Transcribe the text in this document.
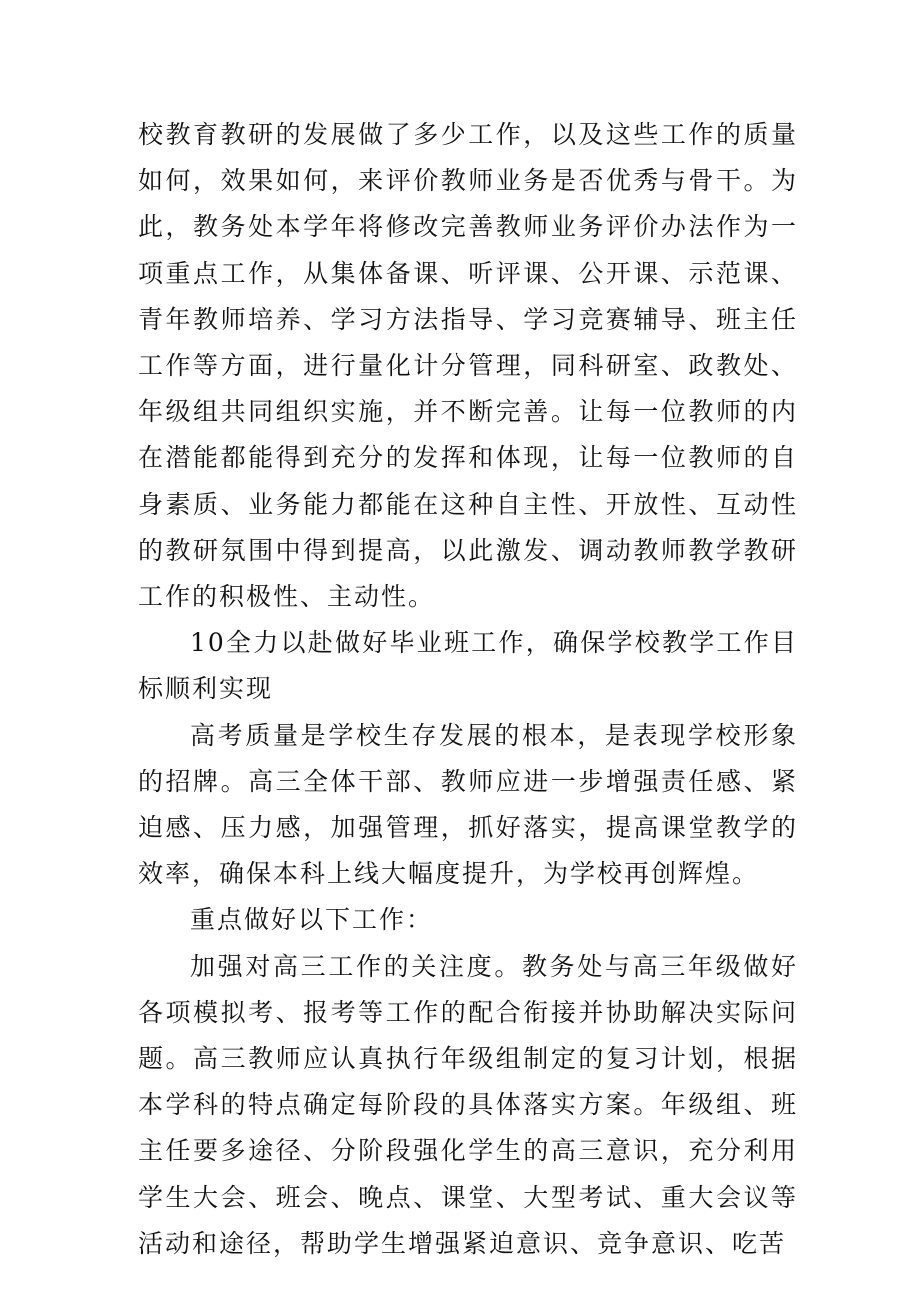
校教育教研的发展做了多少工作，以及这些工作的质量如何，效果如何，来评价教师业务是否优秀与骨干。为此，教务处本学年将修改完善教师业务评价办法作为一项重点工作，从集体备课、听评课、公开课、示范课、青年教师培养、学习方法指导、学习竞赛辅导、班主任工作等方面，进行量化计分管理，同科研室、政教处、年级组共同组织实施，并不断完善。让每一位教师的内在潜能都能得到充分的发挥和体现，让每一位教师的自身素质、业务能力都能在这种自主性、开放性、互动性的教研氛围中得到提高，以此激发、调动教师教学教研工作的积极性、主动性。

10全力以赴做好毕业班工作，确保学校教学工作目标顺利实现

高考质量是学校生存发展的根本，是表现学校形象的招牌。高三全体干部、教师应进一步增强责任感、紧迫感、压力感，加强管理，抓好落实，提高课堂教学的效率，确保本科上线大幅度提升，为学校再创辉煌。

重点做好以下工作：

加强对高三工作的关注度。教务处与高三年级做好各项模拟考、报考等工作的配合衔接并协助解决实际问题。高三教师应认真执行年级组制定的复习计划，根据本学科的特点确定每阶段的具体落实方案。年级组、班主任要多途径、分阶段强化学生的高三意识，充分利用学生大会、班会、晚点、课堂、大型考试、重大会议等活动和途径，帮助学生增强紧迫意识、竞争意识、吃苦
